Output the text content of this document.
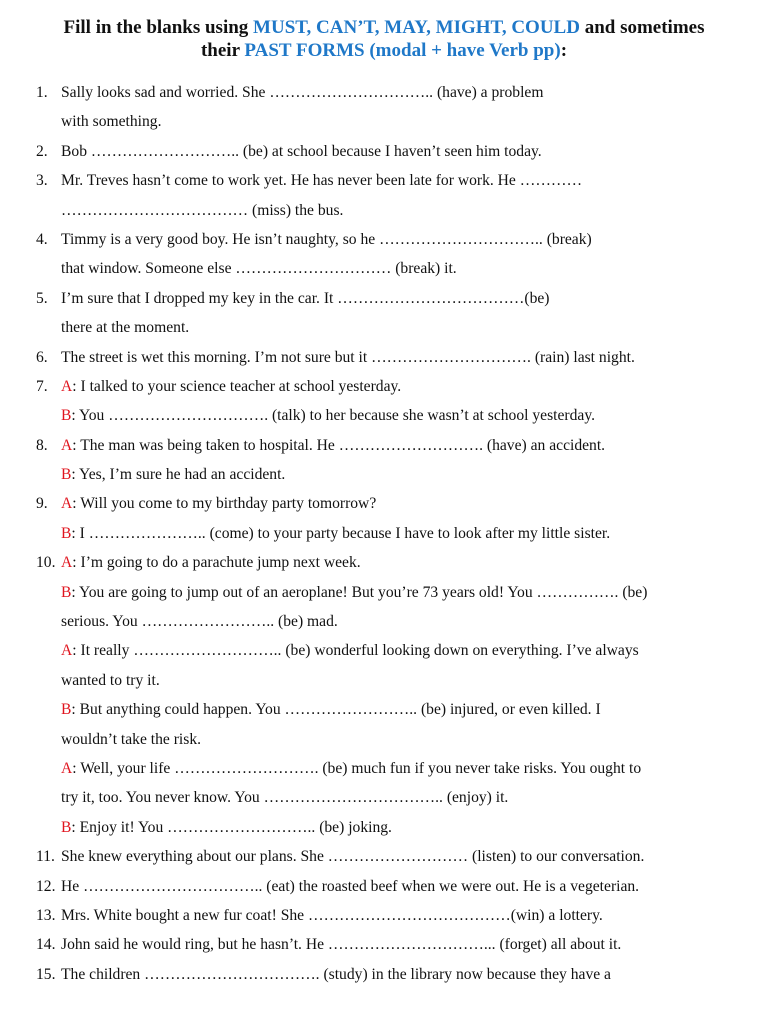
Fill in the blanks using MUST, CAN’T, MAY, MIGHT, COULD and sometimes
their PAST FORMS (modal + have Verb pp):
1. Sally looks sad and worried. She ………………………….. (have) a problem
with something.
2. Bob ……………………….. (be) at school because I haven’t seen him today.
3. Mr. Treves hasn’t come to work yet. He has never been late for work. He …………
……………………………… (miss) the bus.
4. Timmy is a very good boy. He isn’t naughty, so he ………………………….. (break)
that window. Someone else ………………………… (break) it.
5. I’m sure that I dropped my key in the car. It ………………………………(be)
there at the moment.
6. The street is wet this morning. I’m not sure but it …………………………. (rain) last night.
7. A: I talked to your science teacher at school yesterday.
B: You …………………………. (talk) to her because she wasn’t at school yesterday.
8. A: The man was being taken to hospital. He ………………………. (have) an accident.
B: Yes, I’m sure he had an accident.
9. A: Will you come to my birthday party tomorrow?
B: I ………………….. (come) to your party because I have to look after my little sister.
10. A: I’m going to do a parachute jump next week.
B: You are going to jump out of an aeroplane! But you’re 73 years old! You ……………. (be)
serious. You …………………….. (be) mad.
A: It really ……………………….. (be) wonderful looking down on everything. I’ve always
wanted to try it.
B: But anything could happen. You …………………….. (be) injured, or even killed. I
wouldn’t take the risk.
A: Well, your life ………………………. (be) much fun if you never take risks. You ought to
try it, too. You never know. You …………………………….. (enjoy) it.
B: Enjoy it! You ……………………….. (be) joking.
11. She knew everything about our plans. She ……………………… (listen) to our conversation.
12. He …………………………….. (eat) the roasted beef when we were out. He is a vegeterian.
13. Mrs. White bought a new fur coat! She …………………………………(win) a lottery.
14. John said he would ring, but he hasn’t. He …………………………... (forget) all about it.
15. The children ……………………………. (study) in the library now because they have a
